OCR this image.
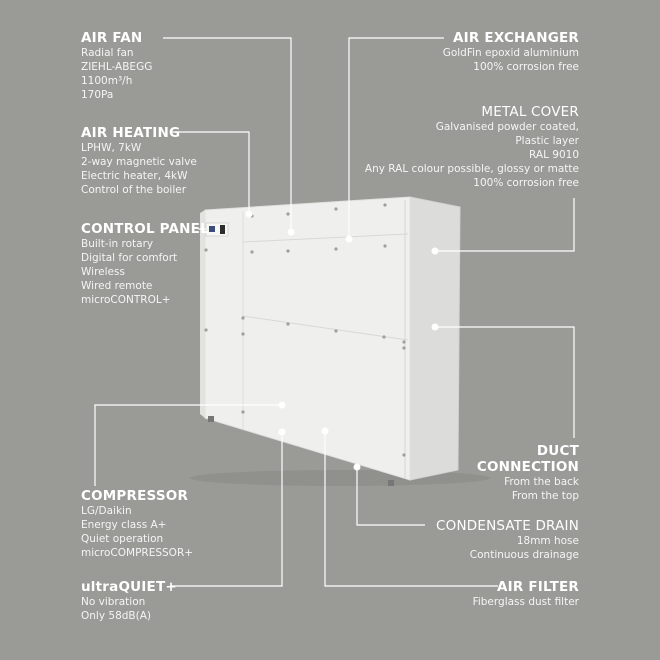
AIR FAN
Radial fan
ZIEHL-ABEGG
1100m³/h
170Pa
AIR HEATING
LPHW, 7kW
2-way magnetic valve
Electric heater, 4kW
Control of the boiler
CONTROL PANEL
Built-in rotary
Digital for comfort
Wireless
Wired remote
microCONTROL+
COMPRESSOR
LG/Daikin
Energy class A+
Quiet operation
microCOMPRESSOR+
ultraQUIET+
No vibration
Only 58dB(A)
AIR EXCHANGER
GoldFin epoxid aluminium
100% corrosion free
METAL COVER
Galvanised powder coated,
Plastic layer
RAL 9010
Any RAL colour possible, glossy or matte
100% corrosion free
DUCT
CONNECTION
From the back
From the top
CONDENSATE DRAIN
18mm hose
Continuous drainage
AIR FILTER
Fiberglass dust filter
